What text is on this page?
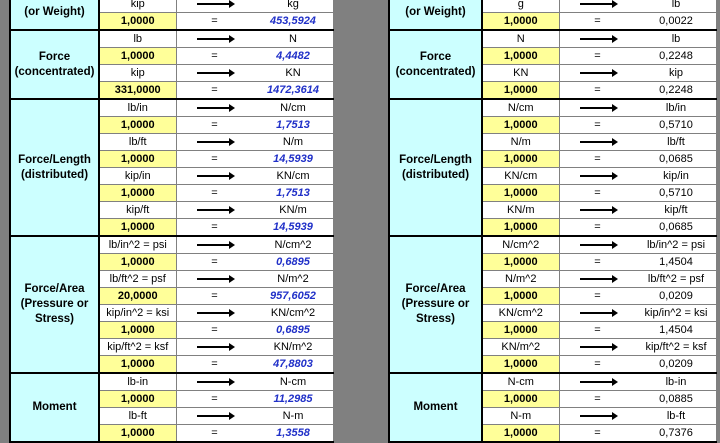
(or Weight)	kip		kg
	1,0000	=	453,5924
Force (concentrated)	lb		N
	1,0000	=	4,4482
	kip		KN
	331,0000	=	1472,3614
Force/Length (distributed)	lb/in		N/cm
	1,0000	=	1,7513
	lb/ft		N/m
	1,0000	=	14,5939
	kip/in		KN/cm
	1,0000	=	1,7513
	kip/ft		KN/m
	1,0000	=	14,5939
Force/Area (Pressure or Stress)	lb/in^2 = psi		N/cm^2
	1,0000	=	0,6895
	lb/ft^2 = psf		N/m^2
	20,0000	=	957,6052
	kip/in^2 = ksi		KN/cm^2
	1,0000	=	0,6895
	kip/ft^2 = ksf		KN/m^2
	1,0000	=	47,8803
Moment	lb-in		N-cm
	1,0000	=	11,2985
	lb-ft		N-m
	1,0000	=	1,3558
(or Weight)	g		lb
	1,0000	=	0,0022
Force (concentrated)	N		lb
	1,0000	=	0,2248
	KN		kip
	1,0000	=	0,2248
Force/Length (distributed)	N/cm		lb/in
	1,0000	=	0,5710
	N/m		lb/ft
	1,0000	=	0,0685
	KN/cm		kip/in
	1,0000	=	0,5710
	KN/m		kip/ft
	1,0000	=	0,0685
Force/Area (Pressure or Stress)	N/cm^2		lb/in^2 = psi
	1,0000	=	1,4504
	N/m^2		lb/ft^2 = psf
	1,0000	=	0,0209
	KN/cm^2		kip/in^2 = ksi
	1,0000	=	1,4504
	KN/m^2		kip/ft^2 = ksf
	1,0000	=	0,0209
Moment	N-cm		lb-in
	1,0000	=	0,0885
	N-m		lb-ft
	1,0000	=	0,7376
